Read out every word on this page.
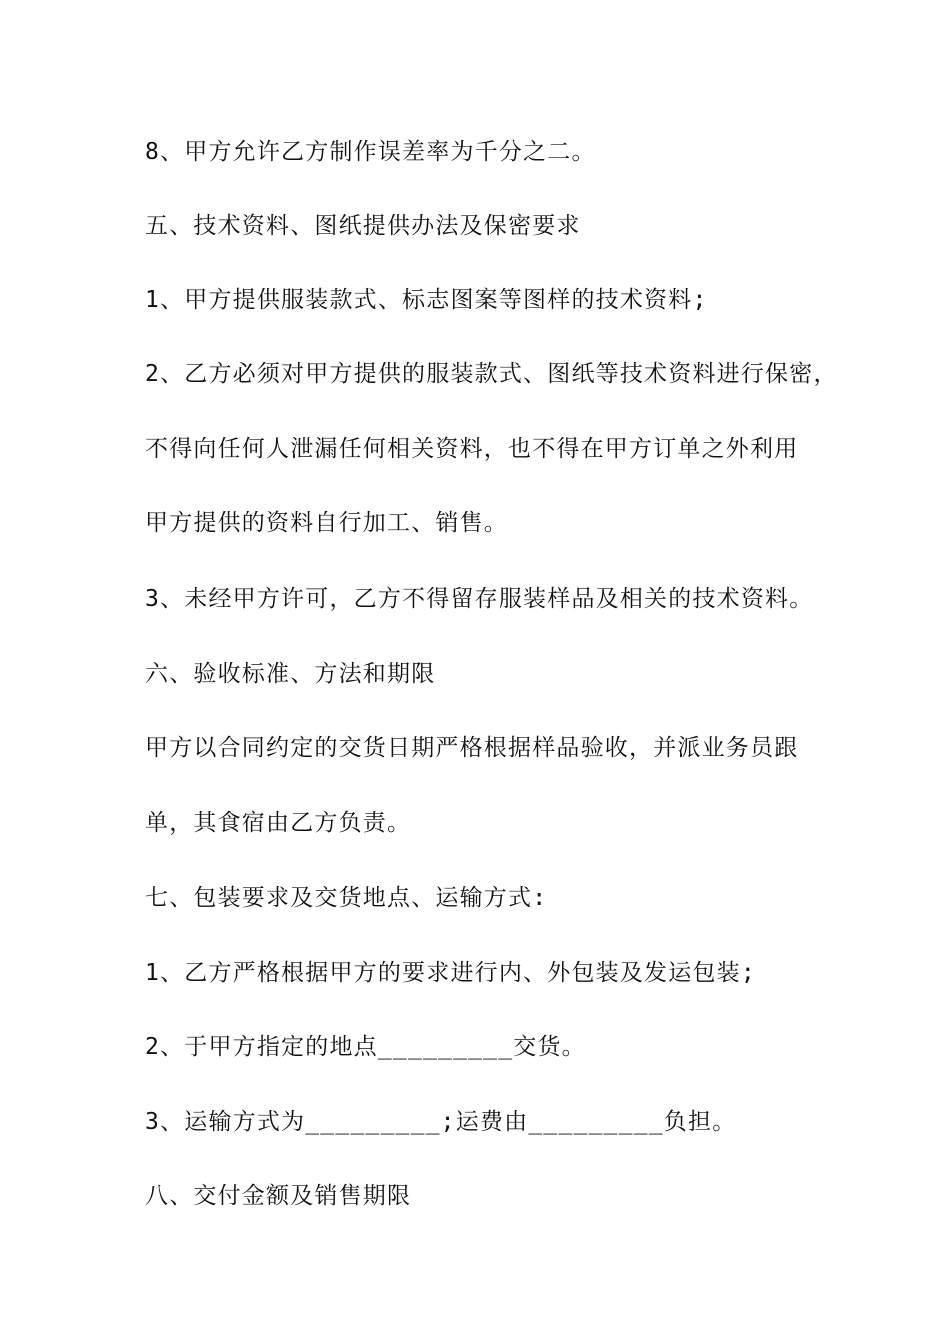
8、甲方允许乙方制作误差率为千分之二。
五、技术资料、图纸提供办法及保密要求
1、甲方提供服装款式、标志图案等图样的技术资料;
2、乙方必须对甲方提供的服装款式、图纸等技术资料进行保密，
不得向任何人泄漏任何相关资料，也不得在甲方订单之外利用
甲方提供的资料自行加工、销售。
3、未经甲方许可，乙方不得留存服装样品及相关的技术资料。
六、验收标准、方法和期限
甲方以合同约定的交货日期严格根据样品验收，并派业务员跟
单，其食宿由乙方负责。
七、包装要求及交货地点、运输方式:
1、乙方严格根据甲方的要求进行内、外包装及发运包装;
2、于甲方指定的地点_________交货。
3、运输方式为_________;运费由_________负担。
八、交付金额及销售期限
